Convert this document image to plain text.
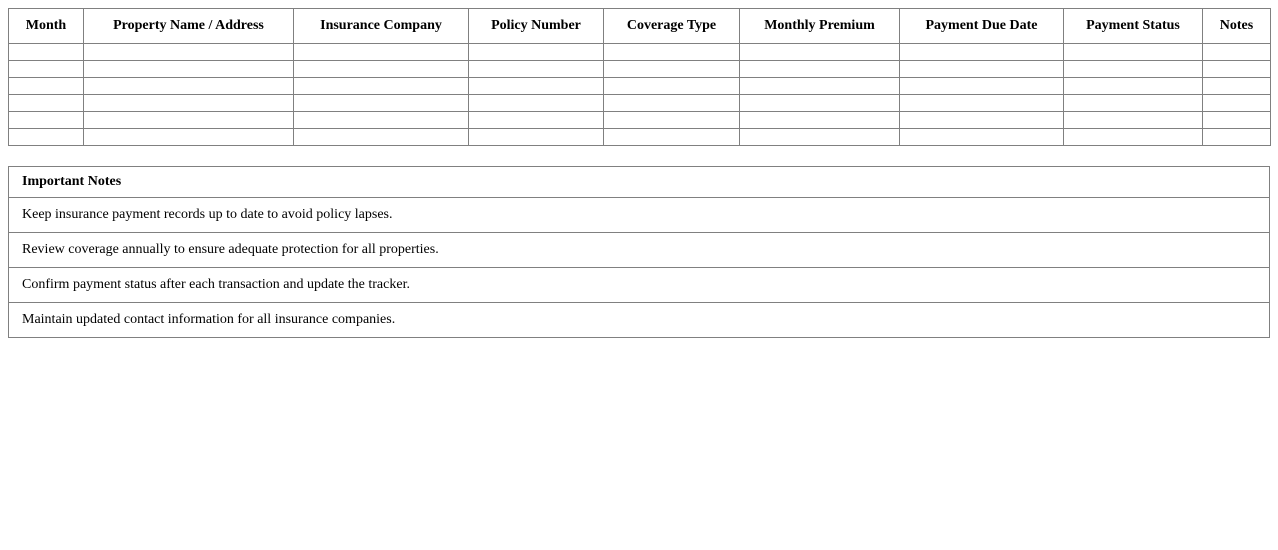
Month	Property Name / Address	Insurance Company	Policy Number	Coverage Type	Monthly Premium	Payment Due Date	Payment Status	Notes

Important Notes
Keep insurance payment records up to date to avoid policy lapses.
Review coverage annually to ensure adequate protection for all properties.
Confirm payment status after each transaction and update the tracker.
Maintain updated contact information for all insurance companies.
